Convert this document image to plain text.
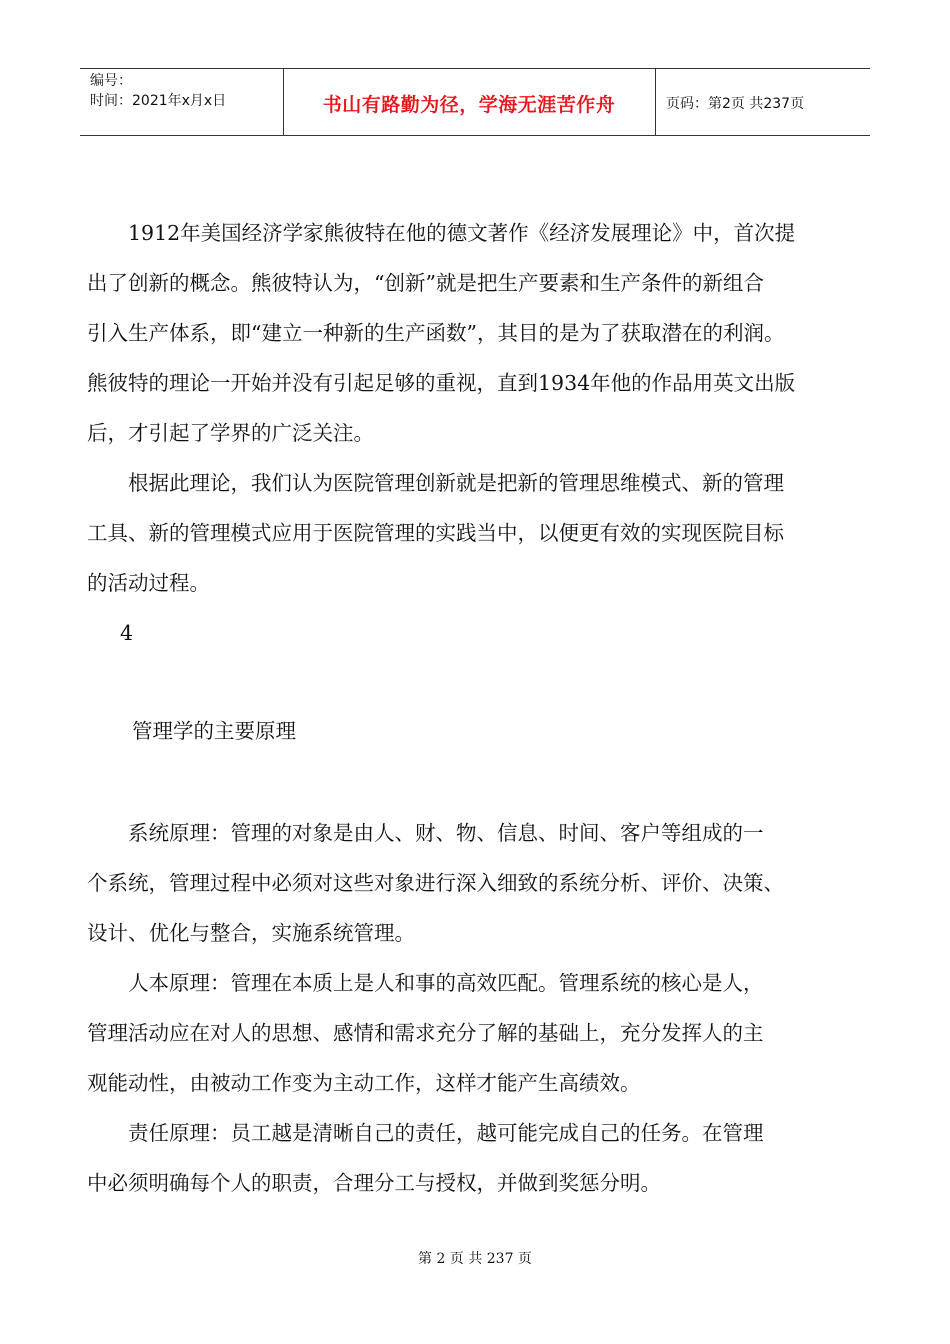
编号：
时间：2021年x月x日	书山有路勤为径，学海无涯苦作舟	页码：第2页 共237页
　　1912年美国经济学家熊彼特在他的德文著作《经济发展理论》中，首次提
出了创新的概念。熊彼特认为，“创新”就是把生产要素和生产条件的新组合
引入生产体系，即“建立一种新的生产函数”，其目的是为了获取潜在的利润。
熊彼特的理论一开始并没有引起足够的重视，直到1934年他的作品用英文出版
后，才引起了学界的广泛关注。
　　根据此理论，我们认为医院管理创新就是把新的管理思维模式、新的管理
工具、新的管理模式应用于医院管理的实践当中，以便更有效的实现医院目标
的活动过程。
4
管理学的主要原理
　　系统原理：管理的对象是由人、财、物、信息、时间、客户等组成的一
个系统，管理过程中必须对这些对象进行深入细致的系统分析、评价、决策、
设计、优化与整合，实施系统管理。
　　人本原理：管理在本质上是人和事的高效匹配。管理系统的核心是人，
管理活动应在对人的思想、感情和需求充分了解的基础上，充分发挥人的主
观能动性，由被动工作变为主动工作，这样才能产生高绩效。
　　责任原理：员工越是清晰自己的责任，越可能完成自己的任务。在管理
中必须明确每个人的职责，合理分工与授权，并做到奖惩分明。
第 2 页 共 237 页
